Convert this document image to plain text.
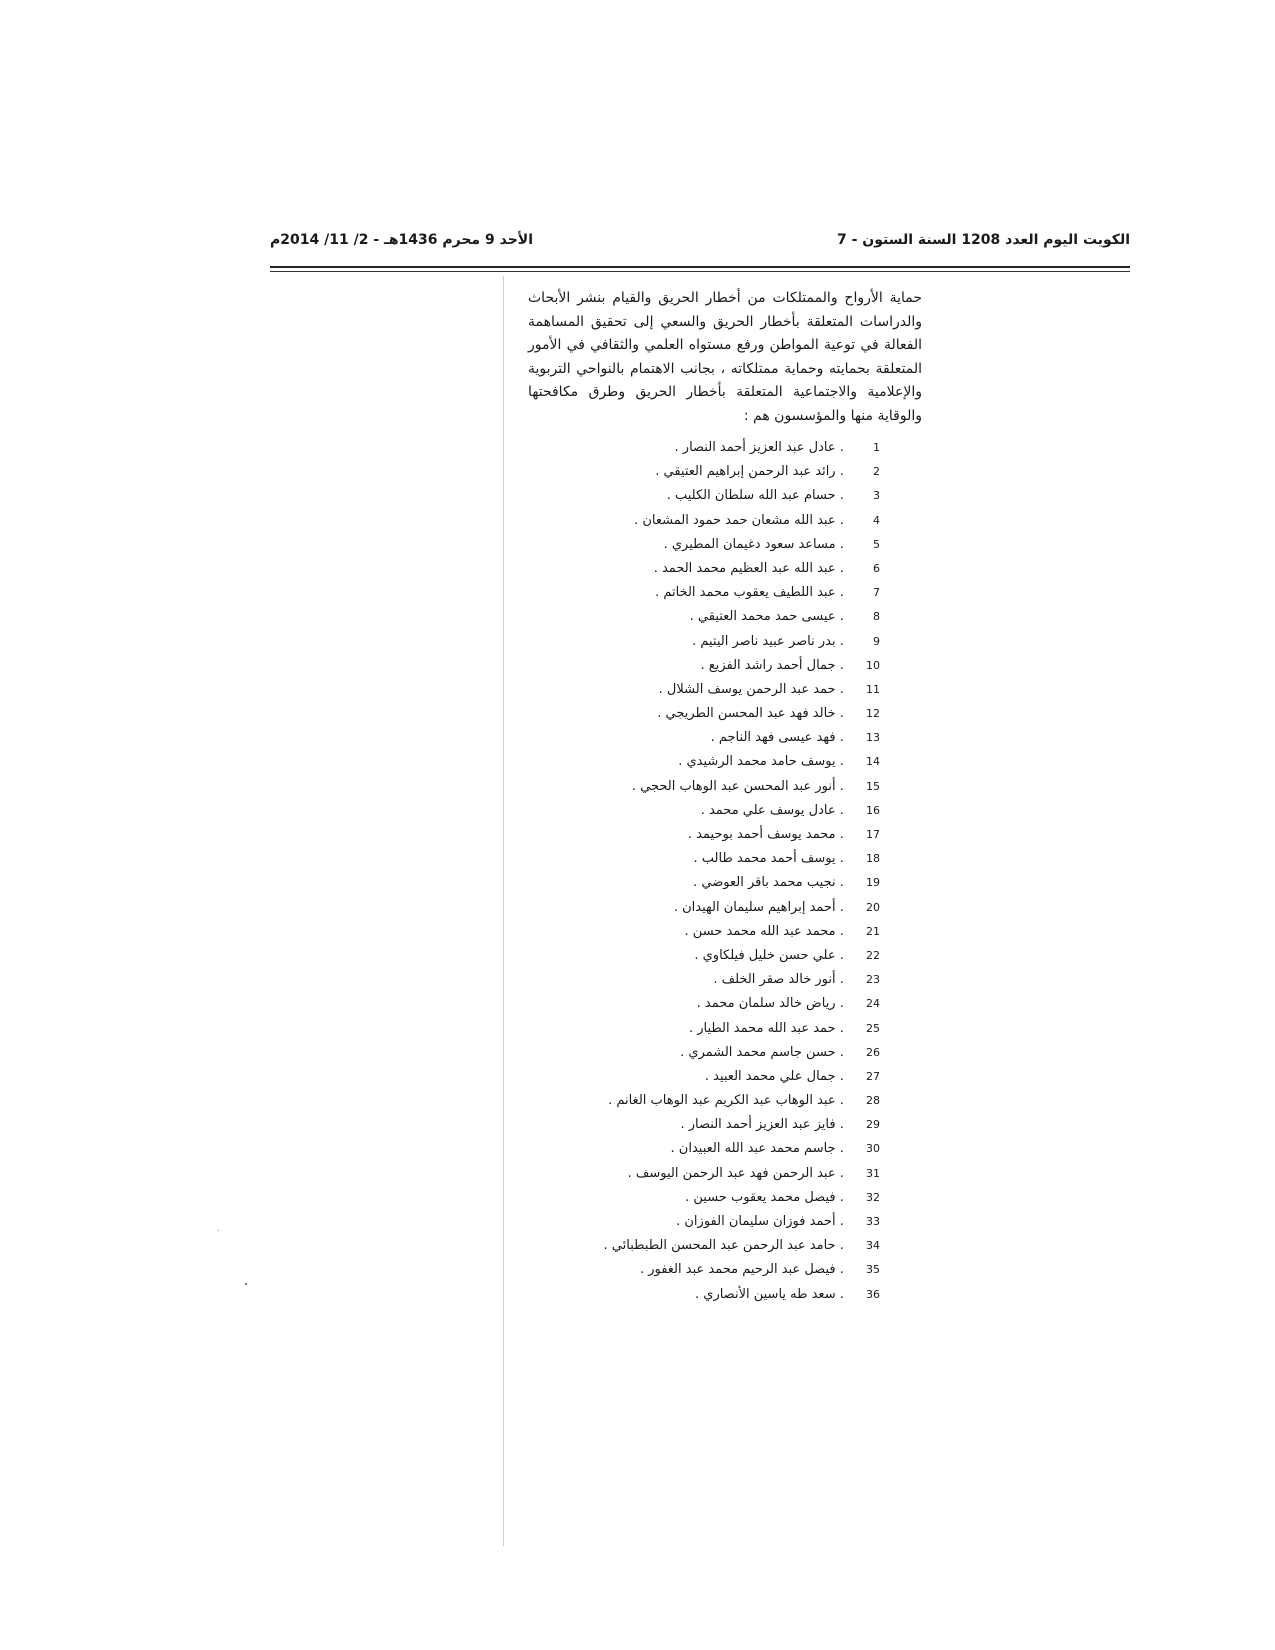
الكويت اليوم العدد 1208 السنة الستون - 7
الأحد 9 محرم 1436هـ - 2/ 11/ 2014م
حماية الأرواح والممتلكات من أخطار الحريق والقيام بنشر الأبحاث والدراسات المتعلقة بأخطار الحريق والسعي إلى تحقيق المساهمة الفعالة في توعية المواطن ورفع مستواه العلمي والثقافي في الأمور المتعلقة بحمايته وحماية ممتلكاته ، بجانب الاهتمام بالنواحي التربوية والإعلامية والاجتماعية المتعلقة بأخطار الحريق وطرق مكافحتها والوقاية منها والمؤسسون هم :
1 . عادل عبد العزيز أحمد النصار .
2 . رائد عبد الرحمن إبراهيم العتيقي .
3 . حسام عبد الله سلطان الكليب .
4 . عبد الله مشعان حمد حمود المشعان .
5 . مساعد سعود دغيمان المطيري .
6 . عبد الله عبد العظيم محمد الحمد .
7 . عبد اللطيف يعقوب محمد الخاتم .
8 . عيسى حمد محمد العتيقي .
9 . بدر ناصر عبيد ناصر اليتيم .
10 . جمال أحمد راشد الفزيع .
11 . حمد عبد الرحمن يوسف الشلال .
12 . خالد فهد عبد المحسن الطريجي .
13 . فهد عيسى فهد الناجم .
14 . يوسف حامد محمد الرشيدي .
15 . أنور عبد المحسن عبد الوهاب الحجي .
16 . عادل يوسف علي محمد .
17 . محمد يوسف أحمد بوحيمد .
18 . يوسف أحمد محمد طالب .
19 . نجيب محمد باقر العوضي .
20 . أحمد إبراهيم سليمان الهيدان .
21 . محمد عبد الله محمد حسن .
22 . علي حسن خليل فيلكاوي .
23 . أنور خالد صقر الخلف .
24 . رياض خالد سلمان محمد .
25 . حمد عبد الله محمد الطيار .
26 . حسن جاسم محمد الشمري .
27 . جمال علي محمد العبيد .
28 . عبد الوهاب عبد الكريم عبد الوهاب الغانم .
29 . فايز عبد العزيز أحمد النصار .
30 . جاسم محمد عبد الله العبيدان .
31 . عبد الرحمن فهد عبد الرحمن اليوسف .
32 . فيصل محمد يعقوب حسين .
33 . أحمد فوزان سليمان الفوزان .
34 . حامد عبد الرحمن عبد المحسن الطبطبائي .
35 . فيصل عبد الرحيم محمد عبد الغفور .
36 . سعد طه ياسين الأنصاري .
